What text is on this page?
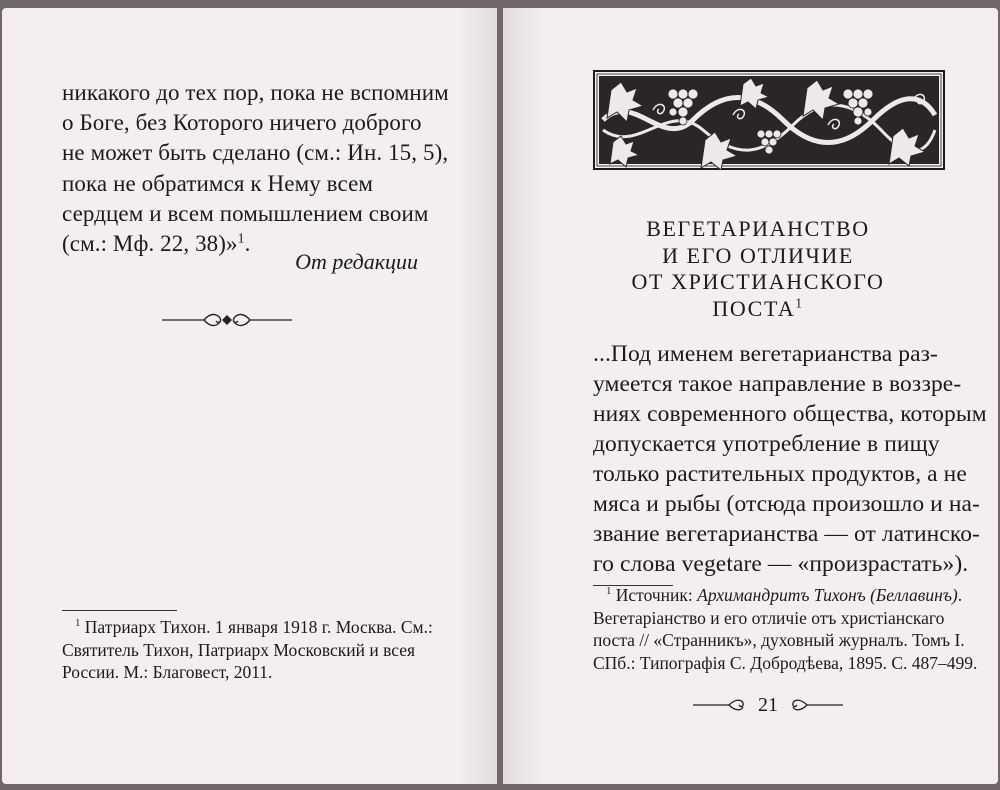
никакого до тех пор, пока не вспомним
о Боге, без Которого ничего доброго
не может быть сделано (см.: Ин. 15, 5),
пока не обратимся к Нему всем
сердцем и всем помышлением своим
(см.: Мф. 22, 38)»$^1$.
От редакции
$^1$ Патриарх Тихон. 1 января 1918 г. Москва. См.:
Святитель Тихон, Патриарх Московский и всея
России. М.: Благовест, 2011.
ВЕГЕТАРИАНСТВО
И ЕГО ОТЛИЧИЕ
ОТ ХРИСТИАНСКОГО
ПОСТА$^1$
...Под именем вегетарианства раз-
умеется такое направление в воззре-
ниях современного общества, которым
допускается употребление в пищу
только растительных продуктов, а не
мяса и рыбы (отсюда произошло и на-
звание вегетарианства — от латинско-
го слова vegetare — «произрастать»).
$^1$ Источник: Архимандритъ Тихонъ (Беллавинъ).
Вегетаріанство и его отличіе отъ христіанскаго
поста // «Странникъ», духовный журналъ. Томъ I.
СПб.: Типографія С. Добродѣева, 1895. С. 487–499.
21
